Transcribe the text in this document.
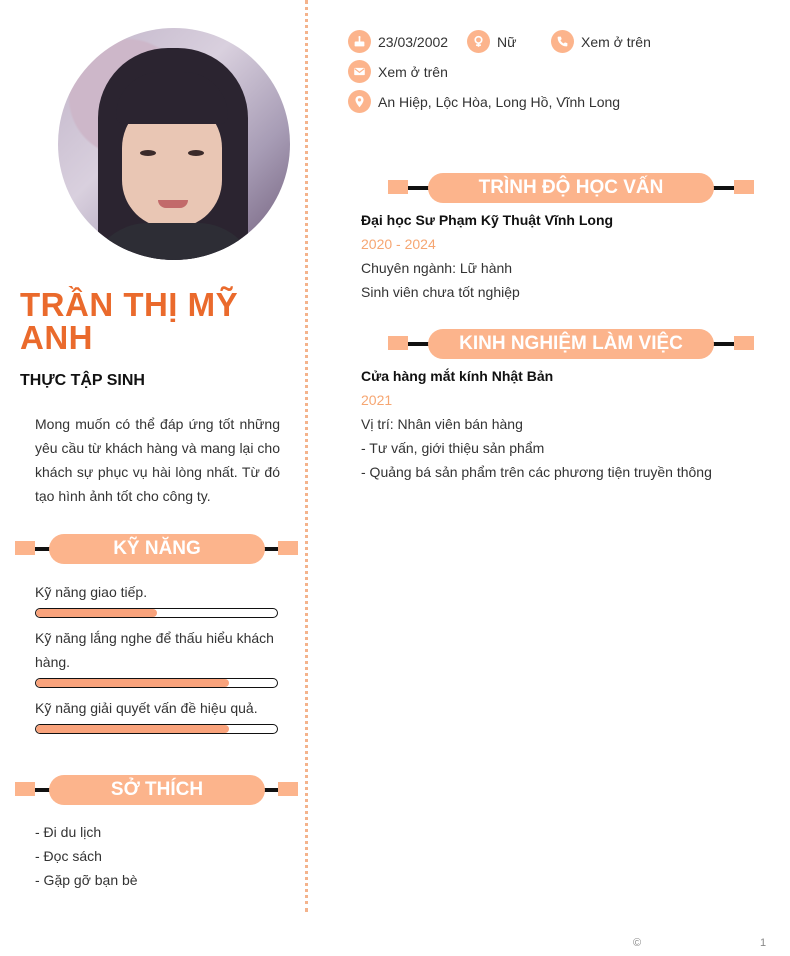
TRẦN THỊ MỸ ANH
THỰC TẬP SINH

Mong muốn có thể đáp ứng tốt những yêu cầu từ khách hàng và mang lại cho khách sự phục vụ hài lòng nhất. Từ đó tạo hình ảnh tốt cho công ty.

KỸ NĂNG
Kỹ năng giao tiếp.
Kỹ năng lắng nghe để thấu hiểu khách hàng.
Kỹ năng giải quyết vấn đề hiệu quả.
SỞ THÍCH
- Đi du lịch
- Đọc sách
- Gặp gỡ bạn bè
23/03/2002	Nữ	Xem ở trên
Xem ở trên
An Hiệp, Lộc Hòa, Long Hồ, Vĩnh Long
TRÌNH ĐỘ HỌC VẤN
Đại học Sư Phạm Kỹ Thuật Vĩnh Long
2020 - 2024
Chuyên ngành: Lữ hành
Sinh viên chưa tốt nghiệp
KINH NGHIỆM LÀM VIỆC
Cửa hàng mắt kính Nhật Bản
2021
Vị trí: Nhân viên bán hàng
- Tư vấn, giới thiệu sản phẩm
- Quảng bá sản phẩm trên các phương tiện truyền thông
©	1
